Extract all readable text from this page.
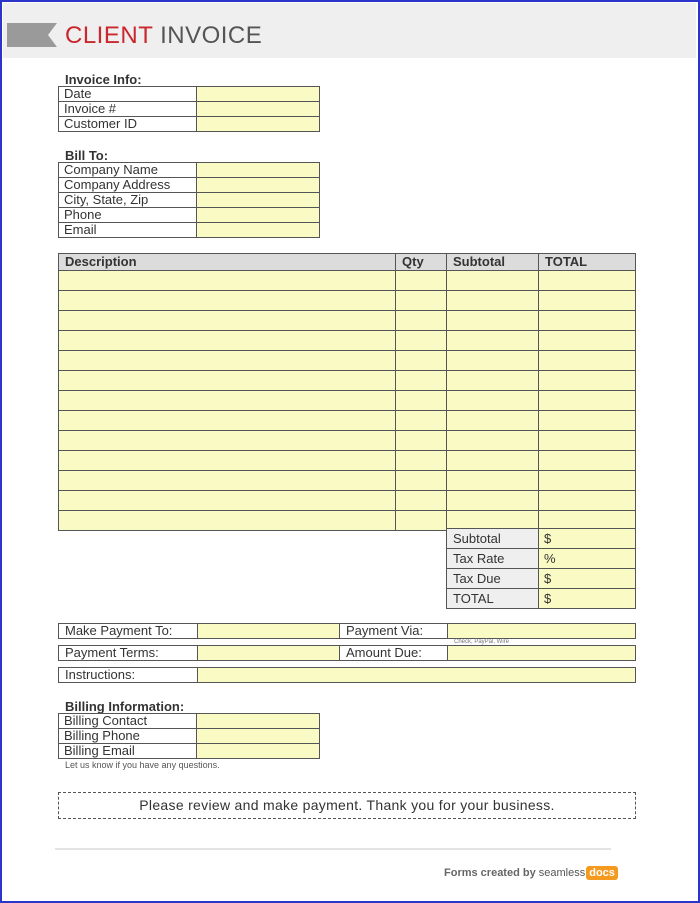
CLIENT INVOICE
Invoice Info:
Date
Invoice #
Customer ID
Bill To:
Company Name
Company Address
City, State, Zip
Phone
Email
Description	Qty	Subtotal	TOTAL
Subtotal	$
Tax Rate	%
Tax Due	$
TOTAL	$
Make Payment To:	Payment Via:
Check, PayPal, Wire
Payment Terms:	Amount Due:
Instructions:
Billing Information:
Billing Contact
Billing Phone
Billing Email
Let us know if you have any questions.
Please review and make payment. Thank you for your business.
Forms created by seamless docs
